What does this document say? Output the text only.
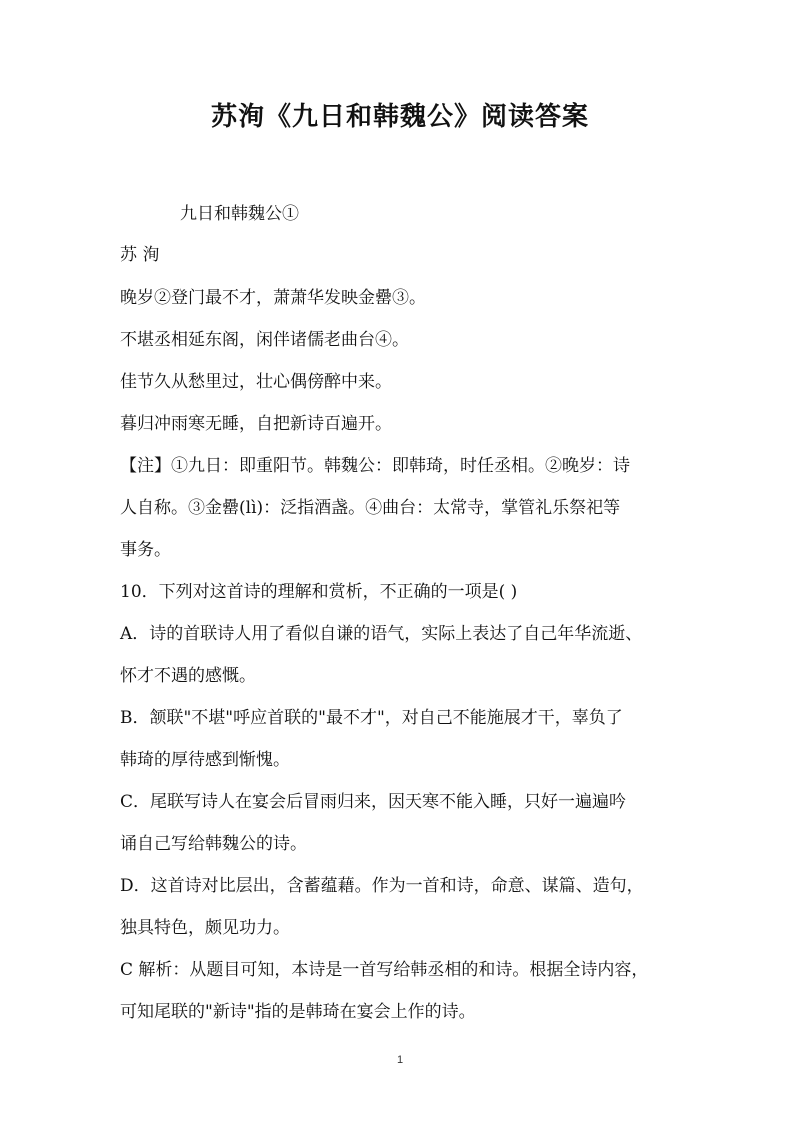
苏洵《九日和韩魏公》阅读答案
九日和韩魏公①
苏 洵
晚岁②登门最不才，萧萧华发映金罍③。
不堪丞相延东阁，闲伴诸儒老曲台④。
佳节久从愁里过，壮心偶傍醉中来。
暮归冲雨寒无睡，自把新诗百遍开。
【注】①九日：即重阳节。韩魏公：即韩琦，时任丞相。②晚岁：诗
人自称。③金罍(lì)：泛指酒盏。④曲台：太常寺，掌管礼乐祭祀等
事务。
10．下列对这首诗的理解和赏析，不正确的一项是( )
A．诗的首联诗人用了看似自谦的语气，实际上表达了自己年华流逝、
怀才不遇的感慨。
B．颔联"不堪"呼应首联的"最不才"，对自己不能施展才干，辜负了
韩琦的厚待感到惭愧。
C．尾联写诗人在宴会后冒雨归来，因天寒不能入睡，只好一遍遍吟
诵自己写给韩魏公的诗。
D．这首诗对比层出，含蓄蕴藉。作为一首和诗，命意、谋篇、造句，
独具特色，颇见功力。
C 解析：从题目可知，本诗是一首写给韩丞相的和诗。根据全诗内容，
可知尾联的"新诗"指的是韩琦在宴会上作的诗。
1
